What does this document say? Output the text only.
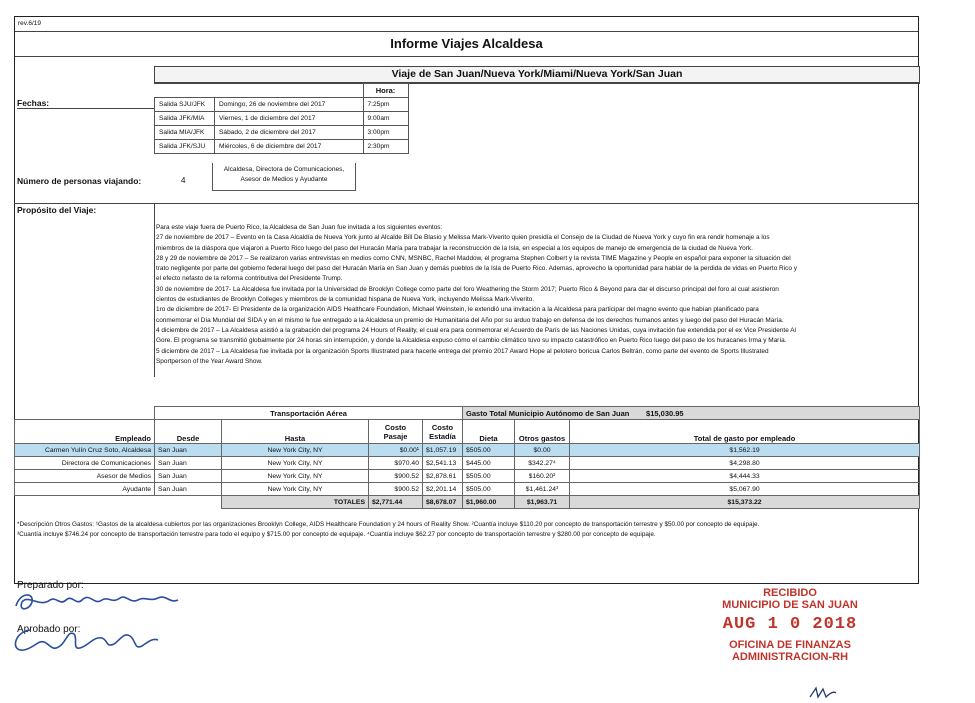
rev.6/19
Informe Viajes Alcaldesa
Viaje de San Juan/Nueva York/Miami/Nueva York/San Juan
Fechas:
		Hora:
Salida SJU/JFK	Domingo, 26 de noviembre del 2017	7:25pm
Salida JFK/MIA	Viernes, 1 de diciembre del 2017	9:00am
Salida MIA/JFK	Sábado, 2 de diciembre del 2017	3:00pm
Salida JFK/SJU	Miércoles, 6 de diciembre del 2017	2:30pm
Número de personas viajando:	4
Alcaldesa, Directora de Comunicaciones,
Asesor de Medios y Ayudante
Propósito del Viaje:
Para este viaje fuera de Puerto Rico, la Alcaldesa de San Juan fue invitada a los siguientes eventos:
27 de noviembre de 2017 – Evento en la Casa Alcaldía de Nueva York junto al Alcalde Bill De Blasio y Melissa Mark-Viverito quien presidía el Consejo de la Ciudad de Nueva York y cuyo fin era rendir homenaje a los
miembros de la diáspora que viajaron a Puerto Rico luego del paso del Huracán María para trabajar la reconstrucción de la Isla, en especial a los equipos de manejo de emergencia de la ciudad de Nueva York.
28 y 29 de noviembre de 2017 – Se realizaron varias entrevistas en medios como CNN, MSNBC, Rachel Maddow, el programa Stephen Colbert y la revista TIME Magazine y People en español para exponer la situación del
trato negligente por parte del gobierno federal luego del paso del Huracán María en San Juan y demás pueblos de la Isla de Puerto Rico. Ademas, aprovecho la oportunidad para hablar de la perdida de vidas en Puerto Rico y
el efecto nefasto de la reforma contributiva del Presidente Trump.
30 de noviembre de 2017- La Alcaldesa fue invitada por la Universidad de Brooklyn College como parte del foro Weathering the Storm 2017; Puerto Rico & Beyond para dar el discurso principal del foro al cual asistieron
cientos de estudiantes de Brooklyn Colleges y miembros de la comunidad hispana de Nueva York, incluyendo Melissa Mark-Viverito.
1ro de diciembre de 2017- El Presidente de la organización AIDS Healthcare Foundation, Michael Weinstein, le extendió una invitación a la Alcaldesa para participar del magno evento que habían planificado para
conmemorar el Día Mundial del SIDA y en el mismo le fue entregado a la Alcaldesa un premio de Humanitaria del Año por su arduo trabajo en defensa de los derechos humanos antes y luego del paso del Huracán María.
4 diciembre de 2017 – La Alcaldesa asistió a la grabación del programa 24 Hours of Reality, el cual era para conmemorar el Acuerdo de París de las Naciones Unidas, cuya invitación fue extendida por el ex Vice Presidente Al
Gore. El programa se transmitió globalmente por 24 horas sin interrupción, y donde la Alcaldesa expuso cómo el cambio climático tuvo su impacto catastrófico en Puerto Rico luego del paso de los huracanes Irma y María.
5 diciembre de 2017 – La Alcaldesa fue invitada por la organización Sports Illustrated para hacerle entrega del premio 2017 Award Hope al pelotero boricua Carlos Beltrán, como parte del evento de Sports Illustrated
Sportperson of the Year Award Show.
	Transportación Aérea				Gasto Total Municipio Autónomo de San Juan $15,030.95		
Empleado	Desde	Hasta	Costo Pasaje	Costo Estadía	Dieta	Otros gastos	Total de gasto por empleado
Carmen Yulín Cruz Soto, Alcaldesa	San Juan	New York City, NY	$0.00¹	$1,057.19	$505.00	$0.00	$1,562.19
Directora de Comunicaciones	San Juan	New York City, NY	$970.40	$2,541.13	$445.00	$342.27⁴	$4,298.80
Asesor de Medios	San Juan	New York City, NY	$900.52	$2,878.61	$505.00	$160.20²	$4,444.33
Ayudante	San Juan	New York City, NY	$900.52	$2,201.14	$505.00	$1,461.24³	$5,067.90
		TOTALES	$2,771.44	$8,678.07	$1,960.00	$1,963.71	$15,373.22
*Descripción Otros Gastos: ¹Gastos de la alcaldesa cubiertos por las organizaciones Brooklyn College, AIDS Healthcare Foundation y 24 hours of Reality Show. ²Cuantía incluye $110.20 por concepto de transportación terrestre y $50.00 por concepto de equipaje.
³Cuantía incluye $746.24 por concepto de transportación terrestre para todo el equipo y $715.00 por concepto de equipaje. ⁴Cuantía incluye $62.27 por concepto de transportación terrestre y $280.00 por concepto de equipaje.
Preparado por:
Aprobado por:
RECIBIDO
MUNICIPIO DE SAN JUAN
AUG 1 0 2018
OFICINA DE FINANZAS
ADMINISTRACION-RH
